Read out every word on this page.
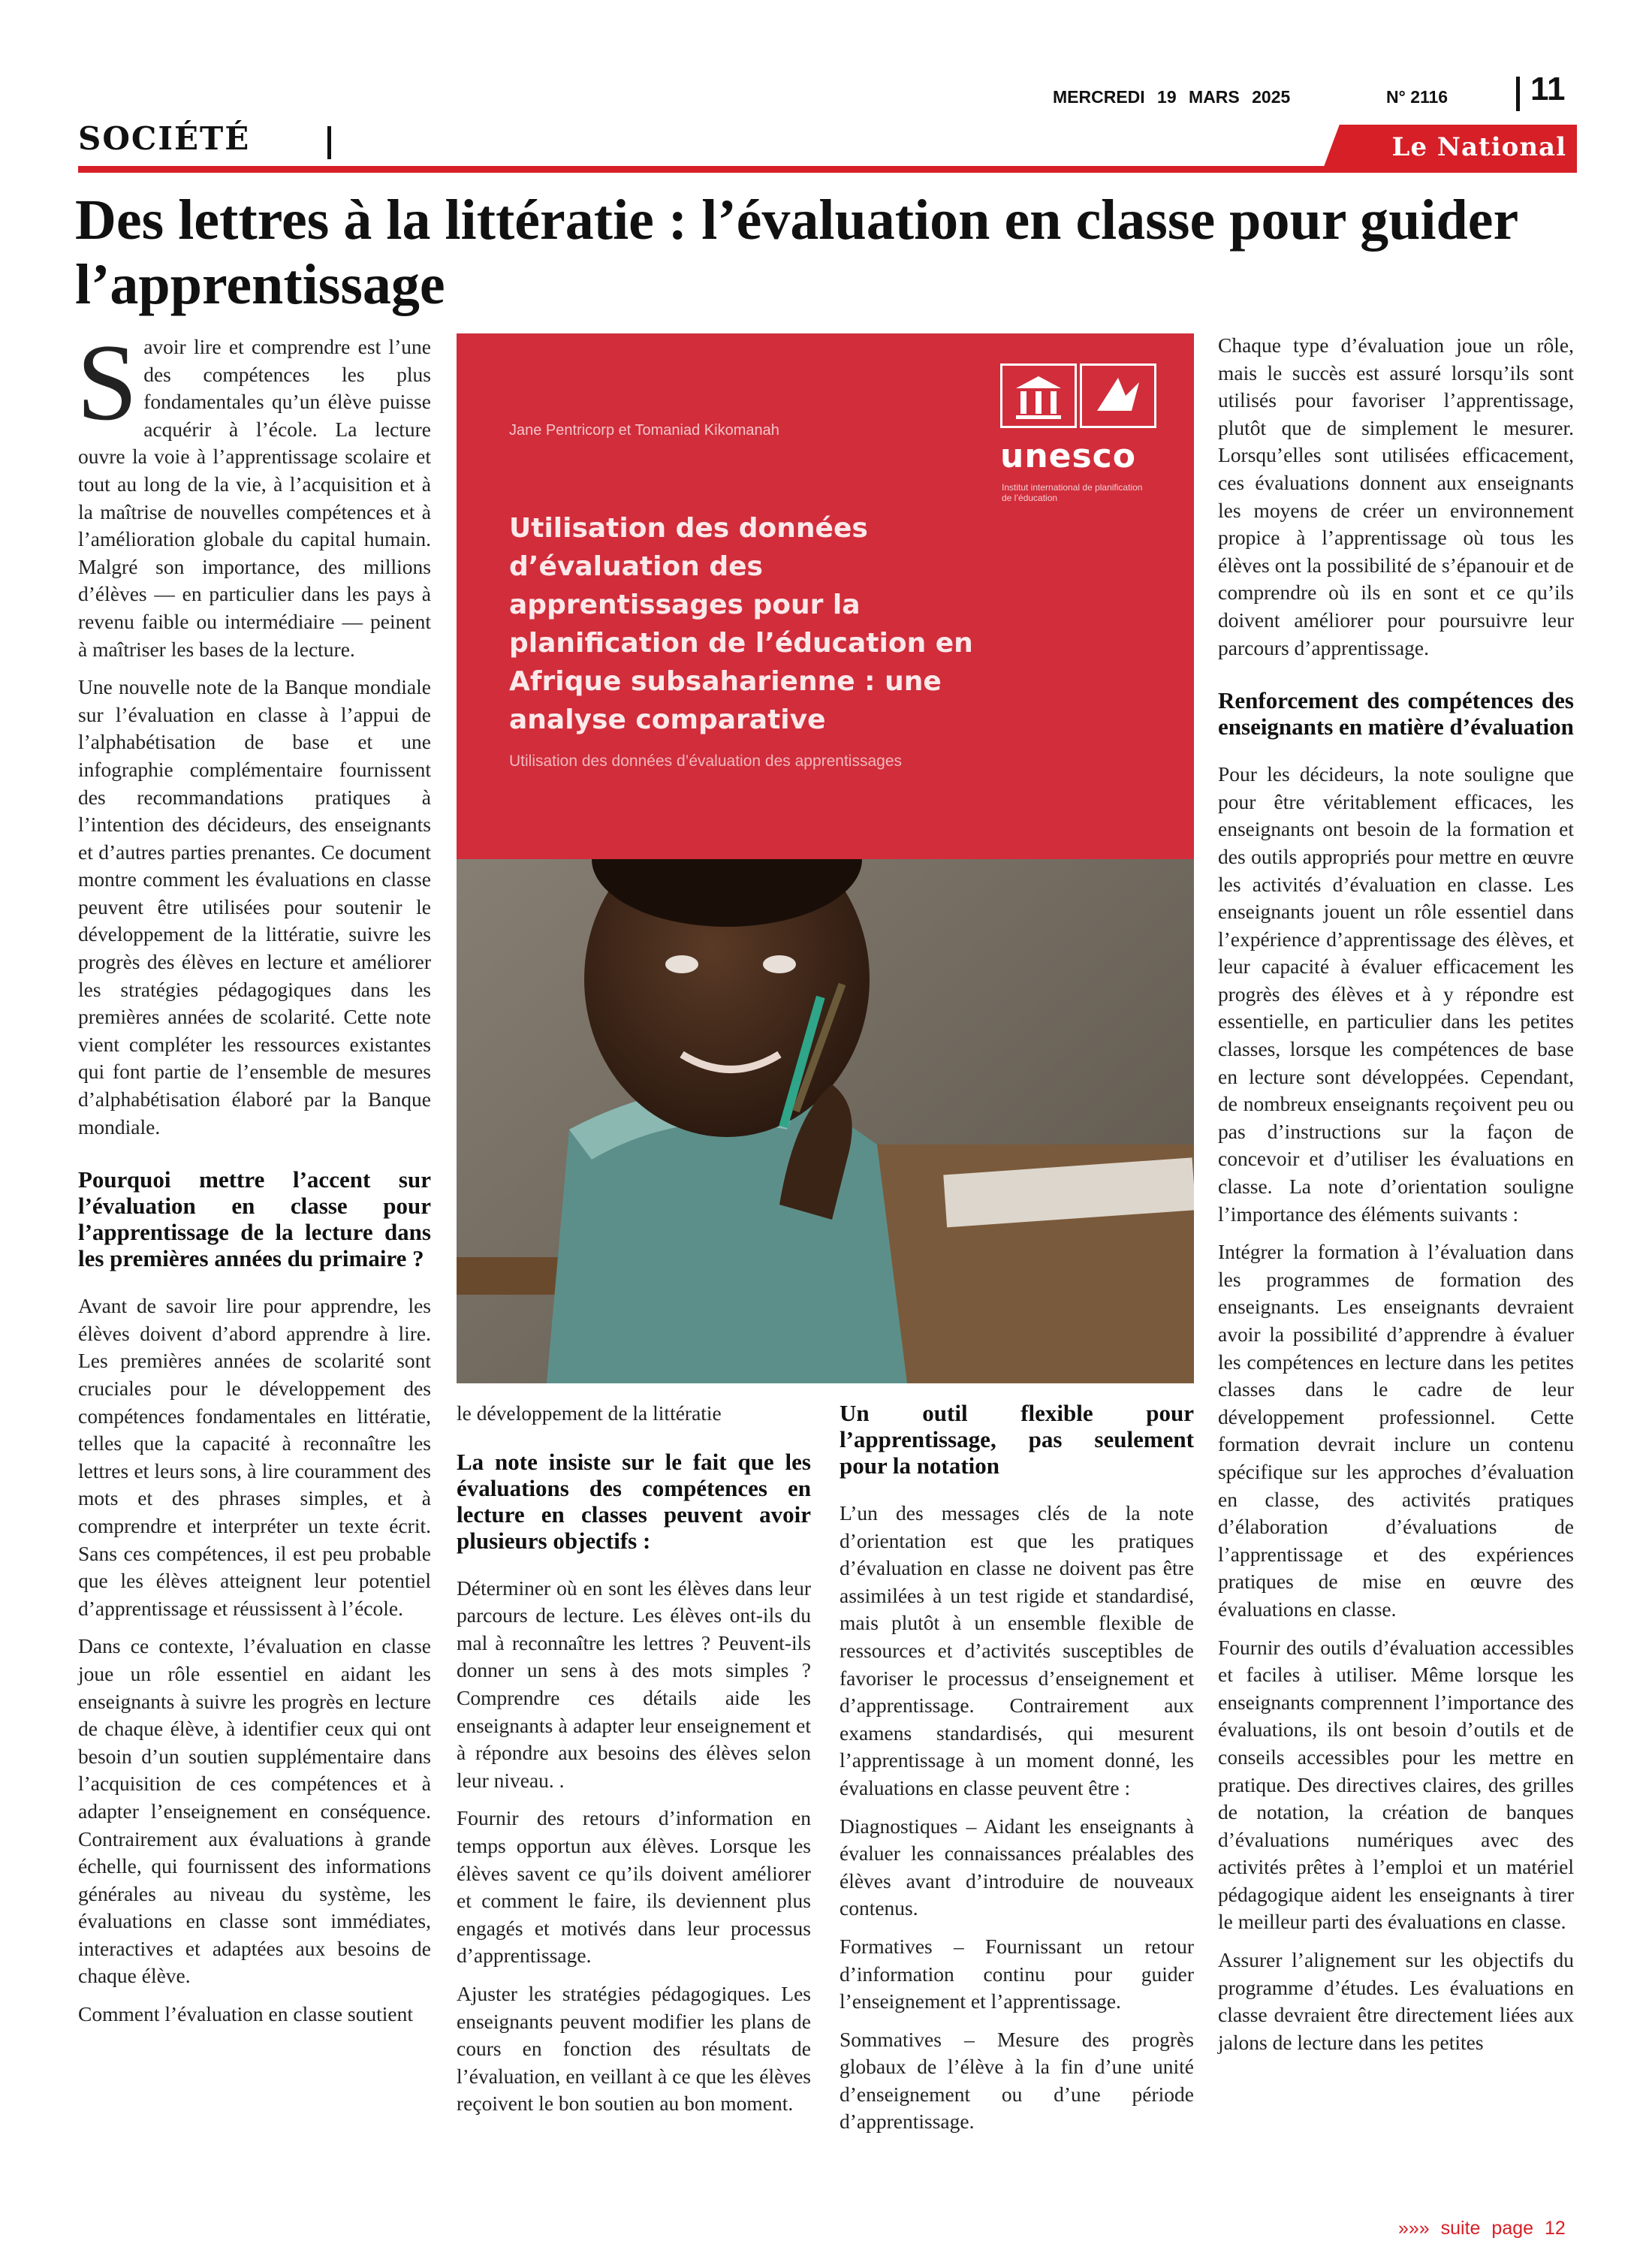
SOCIÉTÉ
MERCREDI 19 MARS 2025	N° 2116 11
Le National
Des lettres à la littératie : l’évaluation en classe pour guider l’apprentissage

Savoir lire et comprendre est l’une des compétences les plus fondamentales qu’un élève puisse acquérir à l’école. La lecture ouvre la voie à l’apprentissage scolaire et tout au long de la vie, à l’acquisition et à la maîtrise de nouvelles compétences et à l’amélioration globale du capital humain. Malgré son importance, des millions d’élèves — en particulier dans les pays à revenu faible ou intermédiaire — peinent à maîtriser les bases de la lecture.

Une nouvelle note de la Banque mondiale sur l’évaluation en classe à l’appui de l’alphabétisation de base et une infographie complémentaire fournissent des recommandations pratiques à l’intention des décideurs, des enseignants et d’autres parties prenantes. Ce document montre comment les évaluations en classe peuvent être utilisées pour soutenir le développement de la littératie, suivre les progrès des élèves en lecture et améliorer les stratégies pédagogiques dans les premières années de scolarité. Cette note vient compléter les ressources existantes qui font partie de l’ensemble de mesures d’alphabétisation élaboré par la Banque mondiale.

Pourquoi mettre l’accent sur l’évaluation en classe pour l’apprentissage de la lecture dans les premières années du primaire ?

Avant de savoir lire pour apprendre, les élèves doivent d’abord apprendre à lire. Les premières années de scolarité sont cruciales pour le développement des compétences fondamentales en littératie, telles que la capacité à reconnaître les lettres et leurs sons, à lire couramment des mots et des phrases simples, et à comprendre et interpréter un texte écrit. Sans ces compétences, il est peu probable que les élèves atteignent leur potentiel d’apprentissage et réussissent à l’école.

Dans ce contexte, l’évaluation en classe joue un rôle essentiel en aidant les enseignants à suivre les progrès en lecture de chaque élève, à identifier ceux qui ont besoin d’un soutien supplémentaire dans l’acquisition de ces compétences et à adapter l’enseignement en conséquence. Contrairement aux évaluations à grande échelle, qui fournissent des informations générales au niveau du système, les évaluations en classe sont immédiates, interactives et adaptées aux besoins de chaque élève.

Comment l’évaluation en classe soutient

Jane Pentricorp et Tomaniad Kikomanah
Utilisation des données d’évaluation des apprentissages pour la planification de l’éducation en Afrique subsaharienne : une analyse comparative
Utilisation des données d’évaluation des apprentissages
unesco
Institut international de planification de l’éducation

le développement de la littératie

La note insiste sur le fait que les évaluations des compétences en lecture en classes peuvent avoir plusieurs objectifs :

Déterminer où en sont les élèves dans leur parcours de lecture. Les élèves ont-ils du mal à reconnaître les lettres ? Peuvent-ils donner un sens à des mots simples ? Comprendre ces détails aide les enseignants à adapter leur enseignement et à répondre aux besoins des élèves selon leur niveau. .

Fournir des retours d’information en temps opportun aux élèves. Lorsque les élèves savent ce qu’ils doivent améliorer et comment le faire, ils deviennent plus engagés et motivés dans leur processus d’apprentissage.

Ajuster les stratégies pédagogiques. Les enseignants peuvent modifier les plans de cours en fonction des résultats de l’évaluation, en veillant à ce que les élèves reçoivent le bon soutien au bon moment.

Un outil flexible pour l’apprentissage, pas seulement pour la notation

L’un des messages clés de la note d’orientation est que les pratiques d’évaluation en classe ne doivent pas être assimilées à un test rigide et standardisé, mais plutôt à un ensemble flexible de ressources et d’activités susceptibles de favoriser le processus d’enseignement et d’apprentissage. Contrairement aux examens standardisés, qui mesurent l’apprentissage à un moment donné, les évaluations en classe peuvent être :

Diagnostiques – Aidant les enseignants à évaluer les connaissances préalables des élèves avant d’introduire de nouveaux contenus.

Formatives – Fournissant un retour d’information continu pour guider l’enseignement et l’apprentissage.

Sommatives – Mesure des progrès globaux de l’élève à la fin d’une unité d’enseignement ou d’une période d’apprentissage.

Chaque type d’évaluation joue un rôle, mais le succès est assuré lorsqu’ils sont utilisés pour favoriser l’apprentissage, plutôt que de simplement le mesurer. Lorsqu’elles sont utilisées efficacement, ces évaluations donnent aux enseignants les moyens de créer un environnement propice à l’apprentissage où tous les élèves ont la possibilité de s’épanouir et de comprendre où ils en sont et ce qu’ils doivent améliorer pour poursuivre leur parcours d’apprentissage.

Renforcement des compétences des enseignants en matière d’évaluation

Pour les décideurs, la note souligne que pour être véritablement efficaces, les enseignants ont besoin de la formation et des outils appropriés pour mettre en œuvre les activités d’évaluation en classe. Les enseignants jouent un rôle essentiel dans l’expérience d’apprentissage des élèves, et leur capacité à évaluer efficacement les progrès des élèves et à y répondre est essentielle, en particulier dans les petites classes, lorsque les compétences de base en lecture sont développées. Cependant, de nombreux enseignants reçoivent peu ou pas d’instructions sur la façon de concevoir et d’utiliser les évaluations en classe. La note d’orientation souligne l’importance des éléments suivants :

Intégrer la formation à l’évaluation dans les programmes de formation des enseignants. Les enseignants devraient avoir la possibilité d’apprendre à évaluer les compétences en lecture dans les petites classes dans le cadre de leur développement professionnel. Cette formation devrait inclure un contenu spécifique sur les approches d’évaluation en classe, des activités pratiques d’élaboration d’évaluations de l’apprentissage et des expériences pratiques de mise en œuvre des évaluations en classe.

Fournir des outils d’évaluation accessibles et faciles à utiliser. Même lorsque les enseignants comprennent l’importance des évaluations, ils ont besoin d’outils et de conseils accessibles pour les mettre en pratique. Des directives claires, des grilles de notation, la création de banques d’évaluations numériques avec des activités prêtes à l’emploi et un matériel pédagogique aident les enseignants à tirer le meilleur parti des évaluations en classe.

Assurer l’alignement sur les objectifs du programme d’études. Les évaluations en classe devraient être directement liées aux jalons de lecture dans les petites

»»» suite page 12
